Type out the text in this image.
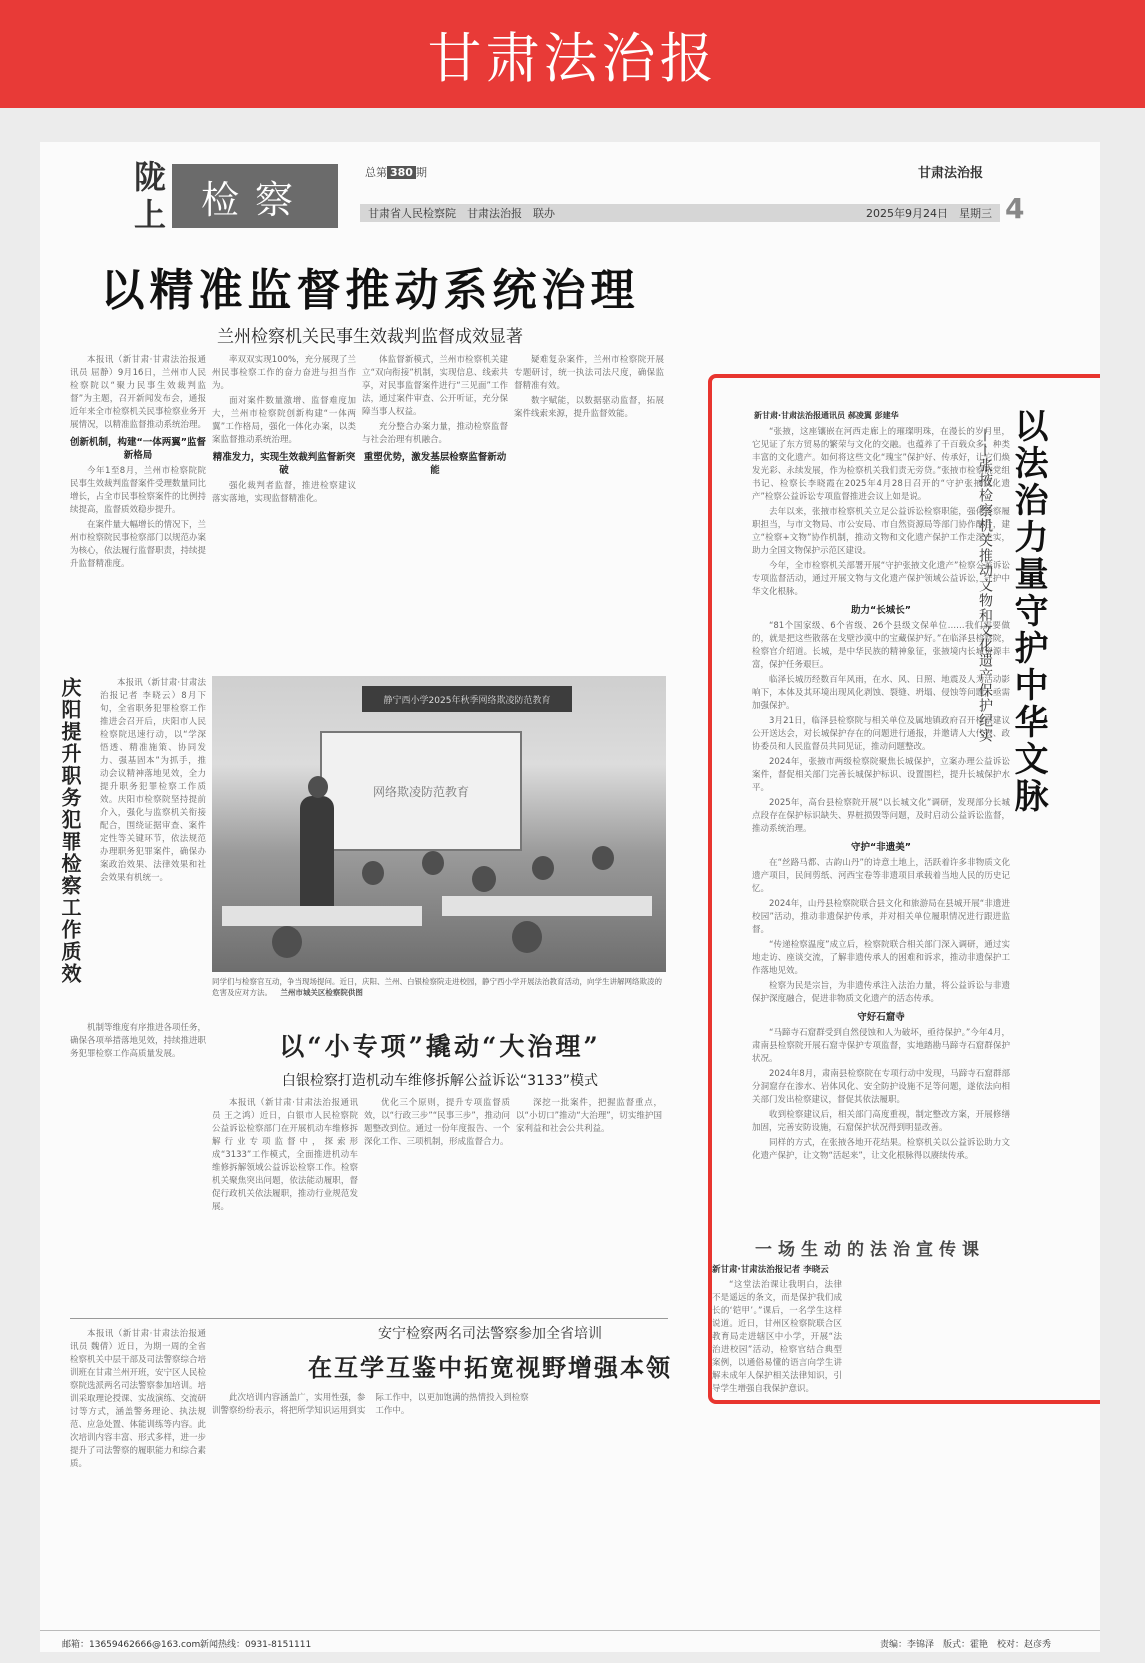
甘肃法治报
陇上 检察
总第 380 期	甘肃法治报
甘肃省人民检察院　甘肃法治报　联办	2025年9月24日　星期三 4
以精准监督推动系统治理
兰州检察机关民事生效裁判监督成效显著

本报讯（新甘肃·甘肃法治报通讯员 屈静）9月16日，兰州市人民检察院以“聚力民事生效裁判监督”为主题，召开新闻发布会，通报近年来全市检察机关民事检察业务开展情况，以精准监督推动系统治理。

创新机制，构建“一体两翼”监督新格局

今年1至8月，兰州市检察院院民事生效裁判监督案件受理数量同比增长，占全市民事检察案件的比例持续提高，监督质效稳步提升。

在案件量大幅增长的情况下，兰州市检察院民事检察部门以规范办案为核心，依法履行监督职责，持续提升监督精准度。

率双双实现100%，充分展现了兰州民事检察工作的奋力奋进与担当作为。

面对案件数量激增、监督难度加大，兰州市检察院创新构建“一体两翼”工作格局，强化一体化办案，以类案监督推动系统治理。

精准发力，实现生效裁判监督新突破

强化裁判者监督，推进检察建议落实落地，实现监督精准化。

体监督新模式，兰州市检察机关建立“双向衔接”机制，实现信息、线索共享，对民事监督案件进行“三见面”工作法，通过案件审查、公开听证，充分保障当事人权益。

充分整合办案力量，推动检察监督与社会治理有机融合。

重塑优势，激发基层检察监督新动能

疑难复杂案件，兰州市检察院开展专题研讨，统一执法司法尺度，确保监督精准有效。

数字赋能，以数据驱动监督，拓展案件线索来源，提升监督效能。

庆阳提升职务犯罪检察工作质效	本报讯（新甘肃·甘肃法治报记者 李晓云）8月下旬，全省职务犯罪检察工作推进会召开后，庆阳市人民检察院迅速行动，以“学深悟透、精准施策、协同发力、强基固本”为抓手，推动会议精神落地见效，全力提升职务犯罪检察工作质效。庆阳市检察院坚持提前介入，强化与监察机关衔接配合，围绕证据审查、案件定性等关键环节，依法规范办理职务犯罪案件，确保办案政治效果、法律效果和社会效果有机统一。

机制等维度有序推进各项任务，确保各项举措落地见效，持续推进职务犯罪检察工作高质量发展。

静宁西小学2025年秋季网络欺凌防范教育
网络欺凌防范教育
同学们与检察官互动，争当现场提问。近日，庆阳、兰州、白银检察院走进校园，静宁西小学开展法治教育活动，向学生讲解网络欺凌的危害及应对方法。 兰州市城关区检察院供图
以“小专项”撬动“大治理”
白银检察打造机动车维修拆解公益诉讼“3133”模式

本报讯（新甘肃·甘肃法治报通讯员 王之鸿）近日，白银市人民检察院公益诉讼检察部门在开展机动车维修拆解行业专项监督中，探索形成“3133”工作模式，全面推进机动车维修拆解领域公益诉讼检察工作。检察机关聚焦突出问题，依法能动履职，督促行政机关依法履职，推动行业规范发展。

优化三个原则，提升专项监督质效，以“行政三步”“民事三步”，推动问题整改到位。通过一份年度报告、一个深化工作、三项机制，形成监督合力。

深挖一批案件，把握监督重点，以“小切口”推动“大治理”，切实维护国家利益和社会公共利益。

安宁检察两名司法警察参加全省培训
在互学互鉴中拓宽视野增强本领

本报讯（新甘肃·甘肃法治报通讯员 魏倩）近日，为期一周的全省检察机关中层干部及司法警察综合培训班在甘肃兰州开班，安宁区人民检察院选派两名司法警察参加培训。培训采取理论授课、实战演练、交流研讨等方式，涵盖警务理论、执法规范、应急处置、体能训练等内容。此次培训内容丰富、形式多样，进一步提升了司法警察的履职能力和综合素质。

此次培训内容涵盖广，实用性强，参训警察纷纷表示，将把所学知识运用到实际工作中，以更加饱满的热情投入到检察工作中。

一场生动的法治宣传课

新甘肃·甘肃法治报记者 李晓云

“这堂法治课让我明白，法律不是遥远的条文，而是保护我们成长的‘铠甲’。”课后，一名学生这样说道。近日，甘州区检察院联合区教育局走进辖区中小学，开展“法治进校园”活动，检察官结合典型案例，以通俗易懂的语言向学生讲解未成年人保护相关法律知识，引导学生增强自我保护意识。

邮箱：13659462666@163.com 新闻热线：0931-8151111	责编：李锦泽　版式：霍艳　校对：赵彦秀
新甘肃·甘肃法治报通讯员 郝凌翼 彭建华

“张掖，这座镶嵌在河西走廊上的璀璨明珠，在漫长的岁月里，它见证了东方贸易的繁荣与文化的交融。也蕴养了千百载众多、种类丰富的文化遗产。如何将这些文化“瑰宝”保护好、传承好，让它们焕发光彩、永续发展，作为检察机关我们责无旁贷。”张掖市检察院党组书记、检察长李晓霞在2025年4月28日召开的“守护张掖文化遗产”检察公益诉讼专项监督推进会议上如是说。

去年以来，张掖市检察机关立足公益诉讼检察职能，强化检察履职担当，与市文物局、市公安局、市自然资源局等部门协作配合，建立“检察+文物”协作机制，推动文物和文化遗产保护工作走深走实，助力全国文物保护示范区建设。

今年，全市检察机关部署开展“守护张掖文化遗产”检察公益诉讼专项监督活动，通过开展文物与文化遗产保护领域公益诉讼，守护中华文化根脉。

助力“长城长”

“81个国家级、6个省级、26个县级文保单位……我们需要做的，就是把这些散落在戈壁沙漠中的宝藏保护好。”在临泽县检察院，检察官介绍道。长城，是中华民族的精神象征，张掖境内长城资源丰富，保护任务艰巨。

临泽长城历经数百年风雨，在水、风、日照、地震及人为活动影响下，本体及其环境出现风化剥蚀、裂缝、坍塌、侵蚀等问题，亟需加强保护。

3月21日，临泽县检察院与相关单位及属地镇政府召开检察建议公开送达会，对长城保护存在的问题进行通报，并邀请人大代表、政协委员和人民监督员共同见证，推动问题整改。

2024年，张掖市两级检察院聚焦长城保护，立案办理公益诉讼案件，督促相关部门完善长城保护标识、设置围栏，提升长城保护水平。

2025年，高台县检察院开展“以长城文化”调研，发现部分长城点段存在保护标识缺失、界桩损毁等问题，及时启动公益诉讼监督，推动系统治理。

守护“非遗美”

在“丝路马都、古韵山丹”的诗意土地上，活跃着许多非物质文化遗产项目，民间剪纸、河西宝卷等非遗项目承载着当地人民的历史记忆。

2024年，山丹县检察院联合县文化和旅游局在县城开展“非遗进校园”活动，推动非遗保护传承，并对相关单位履职情况进行跟进监督。

“传递检察温度”成立后，检察院联合相关部门深入调研，通过实地走访、座谈交流，了解非遗传承人的困难和诉求，推动非遗保护工作落地见效。

检察为民是宗旨，为非遗传承注入法治力量，将公益诉讼与非遗保护深度融合，促进非物质文化遗产的活态传承。

守好石窟寺

“马蹄寺石窟群受到自然侵蚀和人为破坏，亟待保护。”今年4月，肃南县检察院开展石窟寺保护专项监督，实地踏勘马蹄寺石窟群保护状况。

2024年8月，肃南县检察院在专项行动中发现，马蹄寺石窟群部分洞窟存在渗水、岩体风化、安全防护设施不足等问题，遂依法向相关部门发出检察建议，督促其依法履职。

收到检察建议后，相关部门高度重视，制定整改方案，开展修缮加固，完善安防设施，石窟保护状况得到明显改善。

同样的方式，在张掖各地开花结果。检察机关以公益诉讼助力文化遗产保护，让文物“活起来”，让文化根脉得以赓续传承。

——张掖检察机关推动文物和文化遗产保护纪实 以法治力量守护中华文脉
